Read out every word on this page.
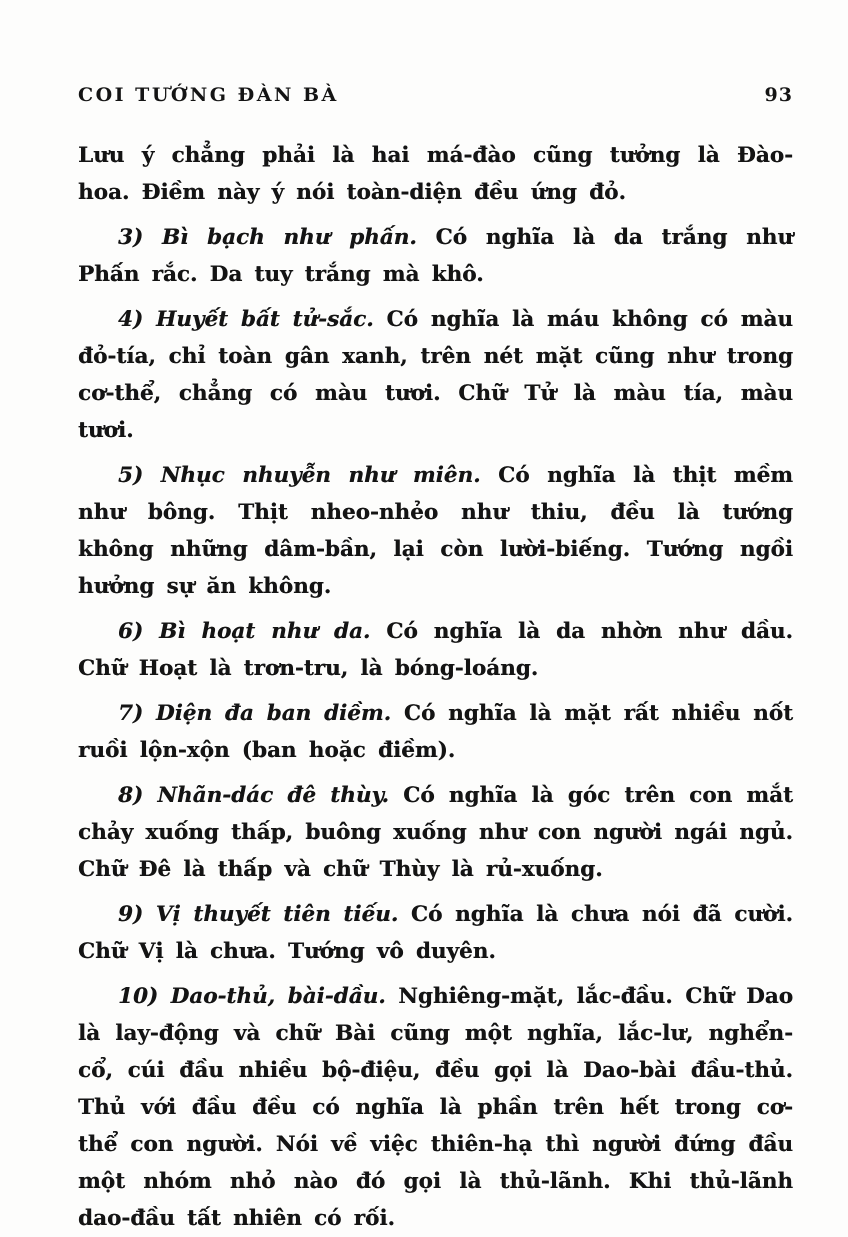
COI TƯỚNG ĐÀN BÀ	93

Lưu ý chẳng phải là hai má-đào cũng tưởng là Đào-hoa. Điềm này ý nói toàn-diện đều ứng đỏ.

3) Bì bạch như phấn. Có nghĩa là da trắng như Phấn rắc. Da tuy trắng mà khô.

4) Huyết bất tử-sắc. Có nghĩa là máu không có màu đỏ-tía, chỉ toàn gân xanh, trên nét mặt cũng như trong cơ-thể, chẳng có màu tươi. Chữ Tử là màu tía, màu tươi.

5) Nhục nhuyễn như miên. Có nghĩa là thịt mềm như bông. Thịt nheo-nhẻo như thiu, đều là tướng không những dâm-bần, lại còn lười-biếng. Tướng ngồi hưởng sự ăn không.

6) Bì hoạt như da. Có nghĩa là da nhờn như dầu. Chữ Hoạt là trơn-tru, là bóng-loáng.

7) Diện đa ban diềm. Có nghĩa là mặt rất nhiều nốt ruồi lộn-xộn (ban hoặc điềm).

8) Nhãn-dác đê thùy. Có nghĩa là góc trên con mắt chảy xuống thấp, buông xuống như con người ngái ngủ. Chữ Đê là thấp và chữ Thùy là rủ-xuống.

9) Vị thuyết tiên tiếu. Có nghĩa là chưa nói đã cười. Chữ Vị là chưa. Tướng vô duyên.

10) Dao-thủ, bài-dầu. Nghiêng-mặt, lắc-đầu. Chữ Dao là lay-động và chữ Bài cũng một nghĩa, lắc-lư, nghển-cổ, cúi đầu nhiều bộ-điệu, đều gọi là Dao-bài đầu-thủ. Thủ với đầu đều có nghĩa là phần trên hết trong cơ-thể con người. Nói về việc thiên-hạ thì người đứng đầu một nhóm nhỏ nào đó gọi là thủ-lãnh. Khi thủ-lãnh dao-đầu tất nhiên có rối.
